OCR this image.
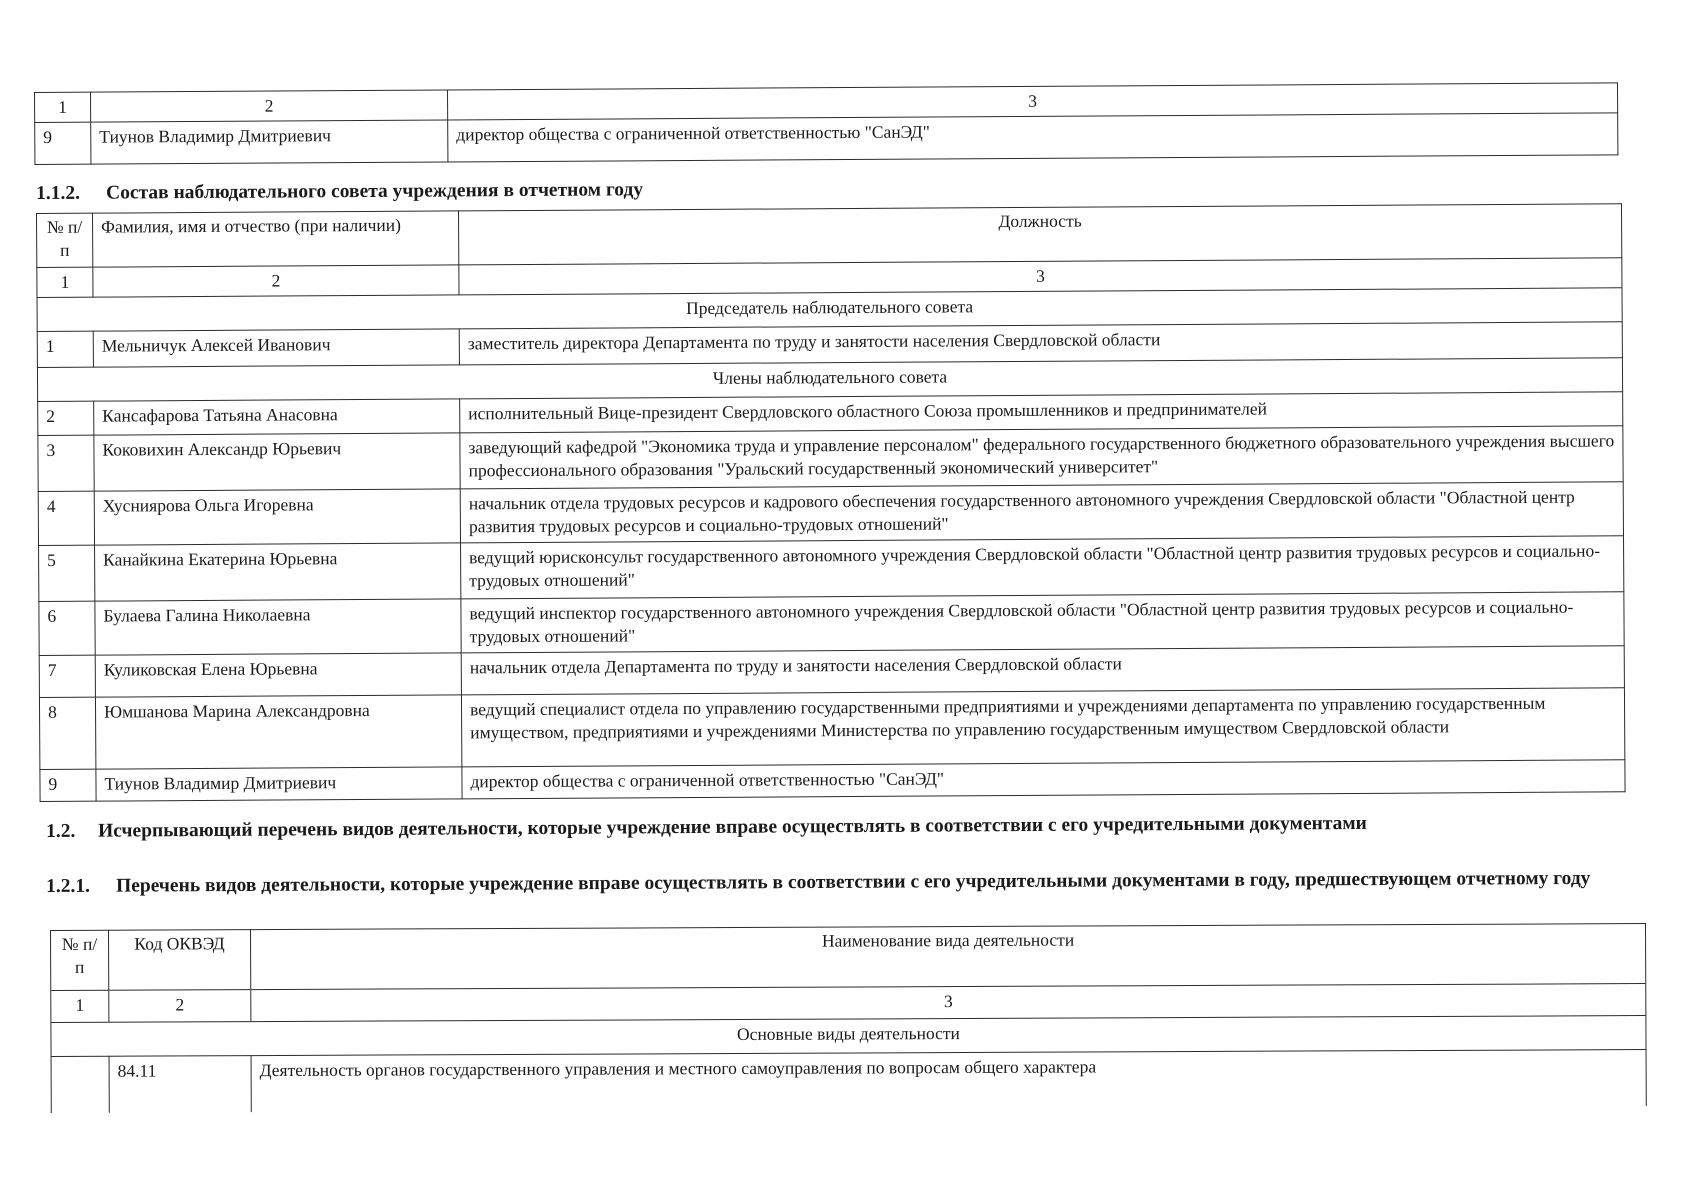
1	2	3
9	Тиунов Владимир Дмитриевич	директор общества с ограниченной ответственностью "СанЭД"

1.1.2. Состав наблюдательного совета учреждения в отчетном году

№ п/п	Фамилия, имя и отчество (при наличии)	Должность
1	2	3
Председатель наблюдательного совета		
1	Мельничук Алексей Иванович	заместитель директора Департамента по труду и занятости населения Свердловской области
Члены наблюдательного совета		
2	Кансафарова Татьяна Анасовна	исполнительный Вице-президент Свердловского областного Союза промышленников и предпринимателей
3	Коковихин Александр Юрьевич	заведующий кафедрой "Экономика труда и управление персоналом" федерального государственного бюджетного образовательного учреждения высшего профессионального образования "Уральский государственный экономический университет"
4	Хусниярова Ольга Игоревна	начальник отдела трудовых ресурсов и кадрового обеспечения государственного автономного учреждения Свердловской области "Областной центр развития трудовых ресурсов и социально-трудовых отношений"
5	Канайкина Екатерина Юрьевна	ведущий юрисконсульт государственного автономного учреждения Свердловской области "Областной центр развития трудовых ресурсов и социально- трудовых отношений"
6	Булаева Галина Николаевна	ведущий инспектор государственного автономного учреждения Свердловской области "Областной центр развития трудовых ресурсов и социально-трудовых отношений"
7	Куликовская Елена Юрьевна	начальник отдела Департамента по труду и занятости населения Свердловской области
8	Юмшанова Марина Александровна	ведущий специалист отдела по управлению государственными предприятиями и учреждениями департамента по управлению государственным имуществом, предприятиями и учреждениями Министерства по управлению государственным имуществом Свердловской области
9	Тиунов Владимир Дмитриевич	директор общества с ограниченной ответственностью "СанЭД"

1.2. Исчерпывающий перечень видов деятельности, которые учреждение вправе осуществлять в соответствии с его учредительными документами

1.2.1. Перечень видов деятельности, которые учреждение вправе осуществлять в соответствии с его учредительными документами в году, предшествующем отчетному году

№ п/п	Код ОКВЭД	Наименование вида деятельности
1	2	3
Основные виды деятельности		
	84.11	Деятельность органов государственного управления и местного самоуправления по вопросам общего характера
